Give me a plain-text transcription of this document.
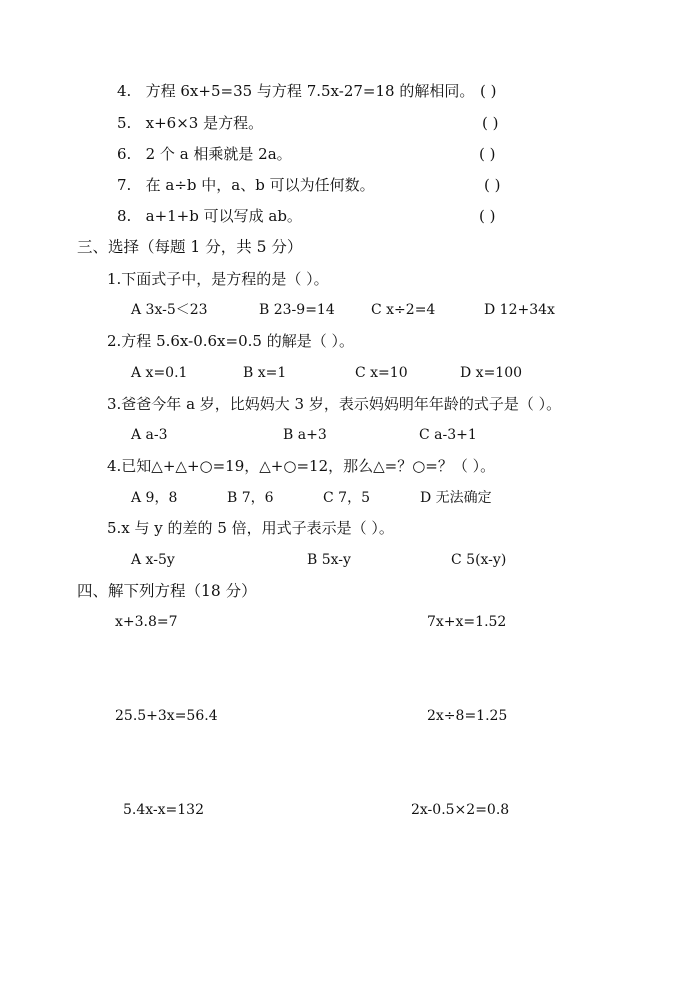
4. 方程 6x+5=35 与方程 7.5x-27=18 的解相同。 ( )
5. x+6×3 是方程。	( )
6. 2 个 a 相乘就是 2a。	( )
7. 在 a÷b 中，a、b 可以为任何数。	( )
8. a+1+b 可以写成 ab。	( )
三、选择（每题 1 分，共 5 分）
1.下面式子中，是方程的是（ ）。
A 3x-5＜23	B 23-9=14	C x÷2=4	D 12+34x
2.方程 5.6x-0.6x=0.5 的解是（ ）。
A x=0.1	B x=1	C x=10	D x=100
3.爸爸今年 a 岁，比妈妈大 3 岁，表示妈妈明年年龄的式子是（ ）。
A a-3	B a+3	C a-3+1
4.已知△+△+○=19，△+○=12，那么△=？○=？（ ）。
A 9，8	B 7，6	C 7，5	D 无法确定
5.x 与 y 的差的 5 倍，用式子表示是（ ）。
A x-5y	B 5x-y	C 5(x-y)
四、解下列方程（18 分）
x+3.8=7	7x+x=1.52
25.5+3x=56.4	2x÷8=1.25
5.4x-x=132	2x-0.5×2=0.8
